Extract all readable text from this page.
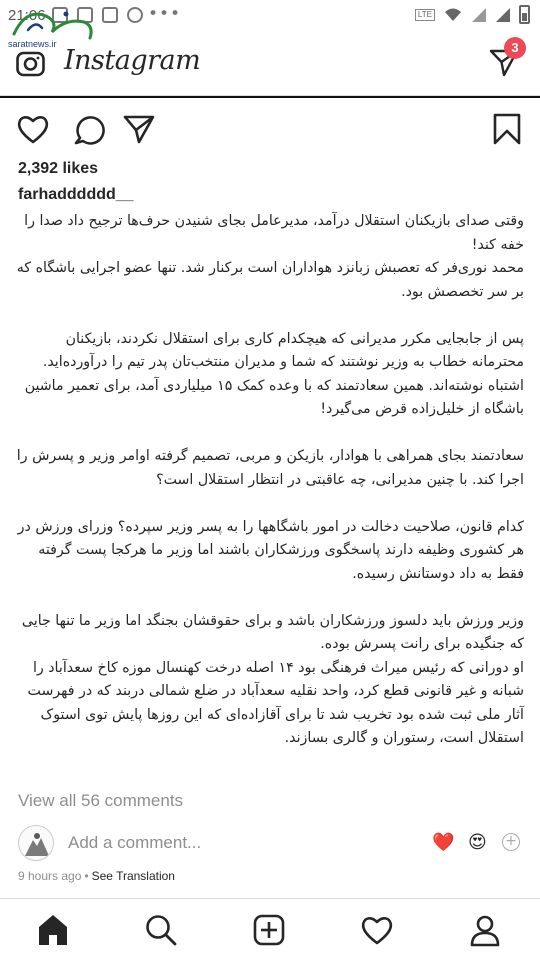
21:06	•••	LTE
saratnews.ir
Instagram	3
2,392 likes
farhadddddd__

وقتی صدای بازیکنان استقلال درآمد، مدیرعامل بجای شنیدن حرف‌ها ترجیح داد صدا را خفه کند!

محمد نوری‌فر که تعصبش زبانزد هواداران است برکنار شد. تنها عضو اجرایی باشگاه که بر سر تخصصش بود.

پس از جابجایی مکرر مدیرانی که هیچکدام کاری برای استقلال نکردند، بازیکنان محترمانه خطاب به وزیر نوشتند که شما و مدیران منتخب‌تان پدر تیم را درآورده‌اید.

اشتباه نوشته‌اند. همین سعادتمند که با وعده کمک ۱۵ میلیاردی آمد، برای تعمیر ماشین باشگاه از خلیل‌زاده قرض می‌گیرد!

سعادتمند بجای همراهی با هوادار، بازیکن و مربی، تصمیم گرفته اوامر وزیر و پسرش را اجرا کند. با چنین مدیرانی، چه عاقبتی در انتظار استقلال است؟

کدام قانون، صلاحیت دخالت در امور باشگاهها را به پسر وزیر سپرده؟ وزرای ورزش در هر کشوری وظیفه دارند پاسخگوی ورزشکاران باشند اما وزیر ما هرکجا پست گرفته فقط به داد دوستانش رسیده.

وزیر ورزش باید دلسوز ورزشکاران باشد و برای حقوقشان بجنگد اما وزیر ما تنها جایی که جنگیده برای رانت پسرش بوده.

او دورانی که رئیس میراث فرهنگی بود ۱۴ اصله درخت کهنسال موزه کاخ سعدآباد را شبانه و غیر قانونی قطع کرد، واحد نقلیه سعدآباد در ضلع شمالی دربند که در فهرست آثار ملی ثبت شده بود تخریب شد تا برای آقازاده‌ای که این روزها پایش توی استوک استقلال است، رستوران و گالری بسازند.

View all 56 comments
Add a comment...	❤️ 😍 +
9 hours ago • See Translation
